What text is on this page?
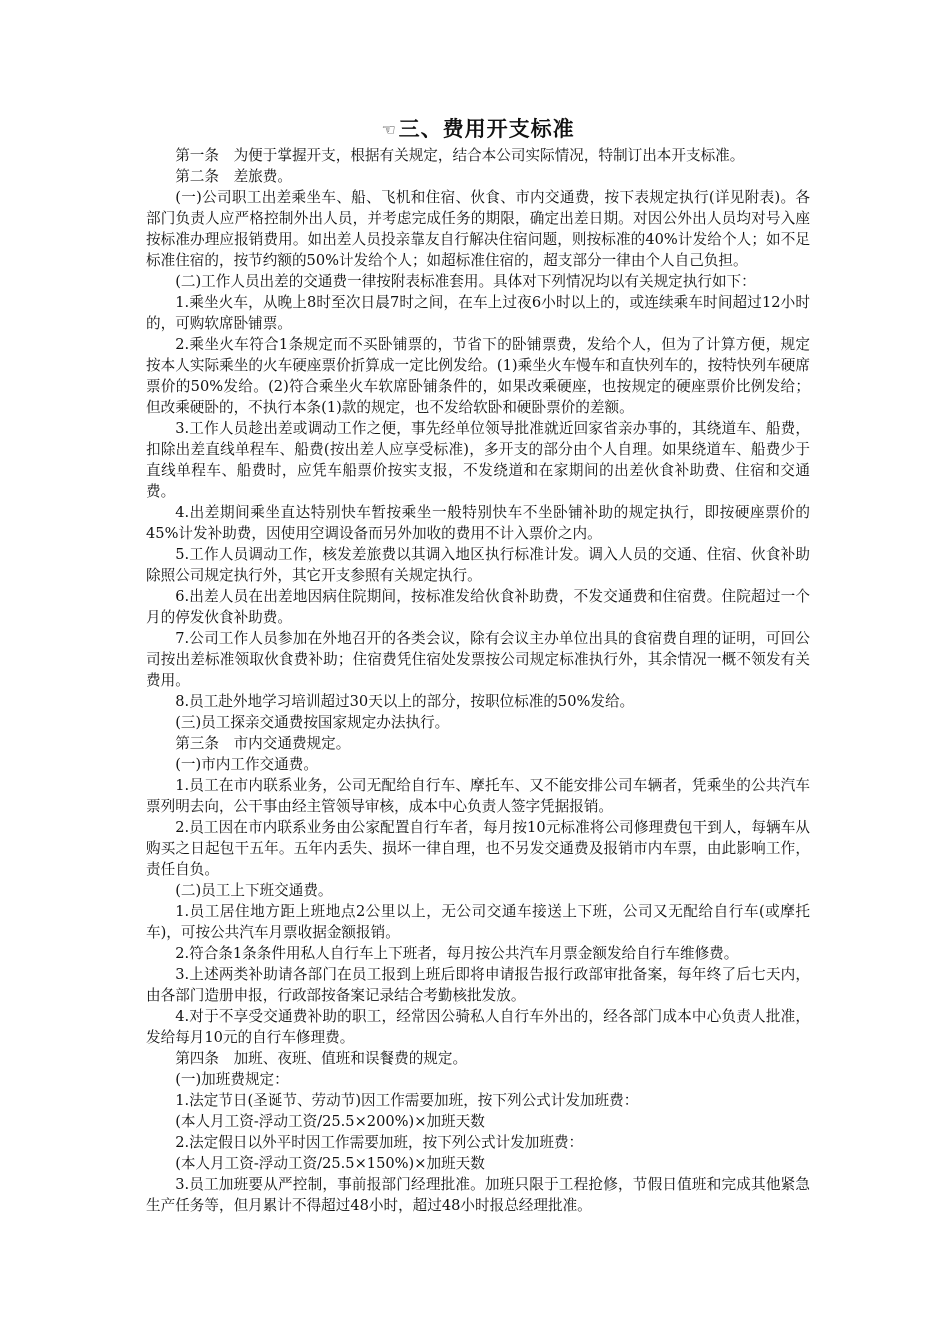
☜三、费用开支标准

第一条　为便于掌握开支，根据有关规定，结合本公司实际情况，特制订出本开支标准。

第二条　差旅费。

(一)公司职工出差乘坐车、船、飞机和住宿、伙食、市内交通费，按下表规定执行(详见附表)。各部门负责人应严格控制外出人员，并考虑完成任务的期限，确定出差日期。对因公外出人员均对号入座按标准办理应报销费用。如出差人员投亲靠友自行解决住宿问题，则按标准的40%计发给个人；如不足标准住宿的，按节约额的50%计发给个人；如超标准住宿的，超支部分一律由个人自己负担。

(二)工作人员出差的交通费一律按附表标准套用。具体对下列情况均以有关规定执行如下：

1.乘坐火车，从晚上8时至次日晨7时之间，在车上过夜6小时以上的，或连续乘车时间超过12小时的，可购软席卧铺票。

2.乘坐火车符合1条规定而不买卧铺票的，节省下的卧铺票费，发给个人，但为了计算方便，规定按本人实际乘坐的火车硬座票价折算成一定比例发给。(1)乘坐火车慢车和直快列车的，按特快列车硬席票价的50%发给。(2)符合乘坐火车软席卧铺条件的，如果改乘硬座，也按规定的硬座票价比例发给；但改乘硬卧的，不执行本条(1)款的规定，也不发给软卧和硬卧票价的差额。

3.工作人员趁出差或调动工作之便，事先经单位领导批准就近回家省亲办事的，其绕道车、船费，扣除出差直线单程车、船费(按出差人应享受标准)，多开支的部分由个人自理。如果绕道车、船费少于直线单程车、船费时，应凭车船票价按实支报，不发绕道和在家期间的出差伙食补助费、住宿和交通费。

4.出差期间乘坐直达特别快车暂按乘坐一般特别快车不坐卧铺补助的规定执行，即按硬座票价的45%计发补助费，因使用空调设备而另外加收的费用不计入票价之内。

5.工作人员调动工作，核发差旅费以其调入地区执行标准计发。调入人员的交通、住宿、伙食补助除照公司规定执行外，其它开支参照有关规定执行。

6.出差人员在出差地因病住院期间，按标准发给伙食补助费，不发交通费和住宿费。住院超过一个月的停发伙食补助费。

7.公司工作人员参加在外地召开的各类会议，除有会议主办单位出具的食宿费自理的证明，可回公司按出差标准领取伙食费补助；住宿费凭住宿处发票按公司规定标准执行外，其余情况一概不领发有关费用。

8.员工赴外地学习培训超过30天以上的部分，按职位标准的50%发给。

(三)员工探亲交通费按国家规定办法执行。

第三条　市内交通费规定。

(一)市内工作交通费。

1.员工在市内联系业务，公司无配给自行车、摩托车、又不能安排公司车辆者，凭乘坐的公共汽车票列明去向，公干事由经主管领导审核，成本中心负责人签字凭据报销。

2.员工因在市内联系业务由公家配置自行车者，每月按10元标准将公司修理费包干到人，每辆车从购买之日起包干五年。五年内丢失、损坏一律自理，也不另发交通费及报销市内车票，由此影响工作，责任自负。

(二)员工上下班交通费。

1.员工居住地方距上班地点2公里以上，无公司交通车接送上下班，公司又无配给自行车(或摩托车)，可按公共汽车月票收据金额报销。

2.符合条1条条件用私人自行车上下班者，每月按公共汽车月票金额发给自行车维修费。

3.上述两类补助请各部门在员工报到上班后即将申请报告报行政部审批备案，每年终了后七天内，由各部门造册申报，行政部按备案记录结合考勤核批发放。

4.对于不享受交通费补助的职工，经常因公骑私人自行车外出的，经各部门成本中心负责人批准，发给每月10元的自行车修理费。

第四条　加班、夜班、值班和误餐费的规定。

(一)加班费规定：

1.法定节日(圣诞节、劳动节)因工作需要加班，按下列公式计发加班费：

(本人月工资-浮动工资/25.5×200%)×加班天数

2.法定假日以外平时因工作需要加班，按下列公式计发加班费：

(本人月工资-浮动工资/25.5×150%)×加班天数

3.员工加班要从严控制，事前报部门经理批准。加班只限于工程抢修，节假日值班和完成其他紧急生产任务等，但月累计不得超过48小时，超过48小时报总经理批准。
